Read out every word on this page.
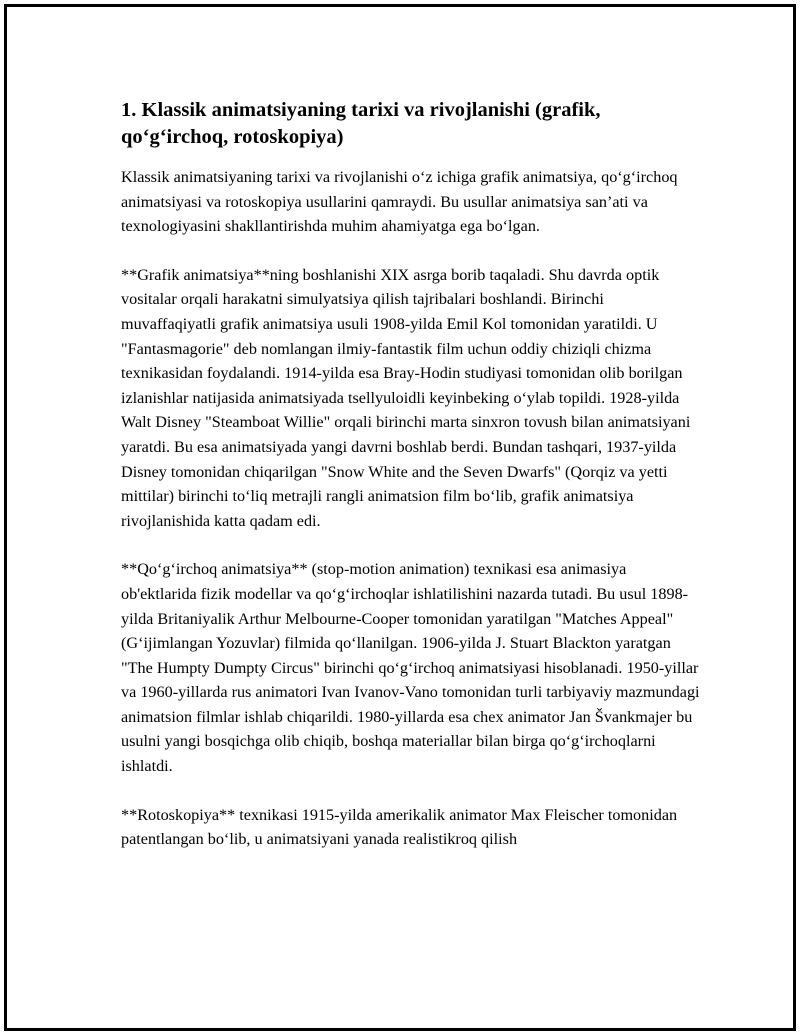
1. Klassik animatsiyaning tarixi va rivojlanishi (grafik, qo‘g‘irchoq, rotoskopiya)

Klassik animatsiyaning tarixi va rivojlanishi o‘z ichiga grafik animatsiya, qo‘g‘irchoq animatsiyasi va rotoskopiya usullarini qamraydi. Bu usullar animatsiya san’ati va texnologiyasini shakllantirishda muhim ahamiyatga ega bo‘lgan.

**Grafik animatsiya**ning boshlanishi XIX asrga borib taqaladi. Shu davrda optik vositalar orqali harakatni simulyatsiya qilish tajribalari boshlandi. Birinchi muvaffaqiyatli grafik animatsiya usuli 1908-yilda Emil Kol tomonidan yaratildi. U "Fantasmagorie" deb nomlangan ilmiy-fantastik film uchun oddiy chiziqli chizma texnikasidan foydalandi. 1914-yilda esa Bray-Hodin studiyasi tomonidan olib borilgan izlanishlar natijasida animatsiyada tsellyuloidli keyinbeking o‘ylab topildi. 1928-yilda Walt Disney "Steamboat Willie" orqali birinchi marta sinxron tovush bilan animatsiyani yaratdi. Bu esa animatsiyada yangi davrni boshlab berdi. Bundan tashqari, 1937-yilda Disney tomonidan chiqarilgan "Snow White and the Seven Dwarfs" (Qorqiz va yetti mittilar) birinchi to‘liq metrajli rangli animatsion film bo‘lib, grafik animatsiya rivojlanishida katta qadam edi.

**Qo‘g‘irchoq animatsiya** (stop-motion animation) texnikasi esa animasiya ob'ektlarida fizik modellar va qo‘g‘irchoqlar ishlatilishini nazarda tutadi. Bu usul 1898-yilda Britaniyalik Arthur Melbourne-Cooper tomonidan yaratilgan "Matches Appeal" (G‘ijimlangan Yozuvlar) filmida qo‘llanilgan. 1906-yilda J. Stuart Blackton yaratgan "The Humpty Dumpty Circus" birinchi qo‘g‘irchoq animatsiyasi hisoblanadi. 1950-yillar va 1960-yillarda rus animatori Ivan Ivanov-Vano tomonidan turli tarbiyaviy mazmundagi animatsion filmlar ishlab chiqarildi. 1980-yillarda esa chex animator Jan Švankmajer bu usulni yangi bosqichga olib chiqib, boshqa materiallar bilan birga qo‘g‘irchoqlarni ishlatdi.

**Rotoskopiya** texnikasi 1915-yilda amerikalik animator Max Fleischer tomonidan patentlangan bo‘lib, u animatsiyani yanada realistikroq qilish
